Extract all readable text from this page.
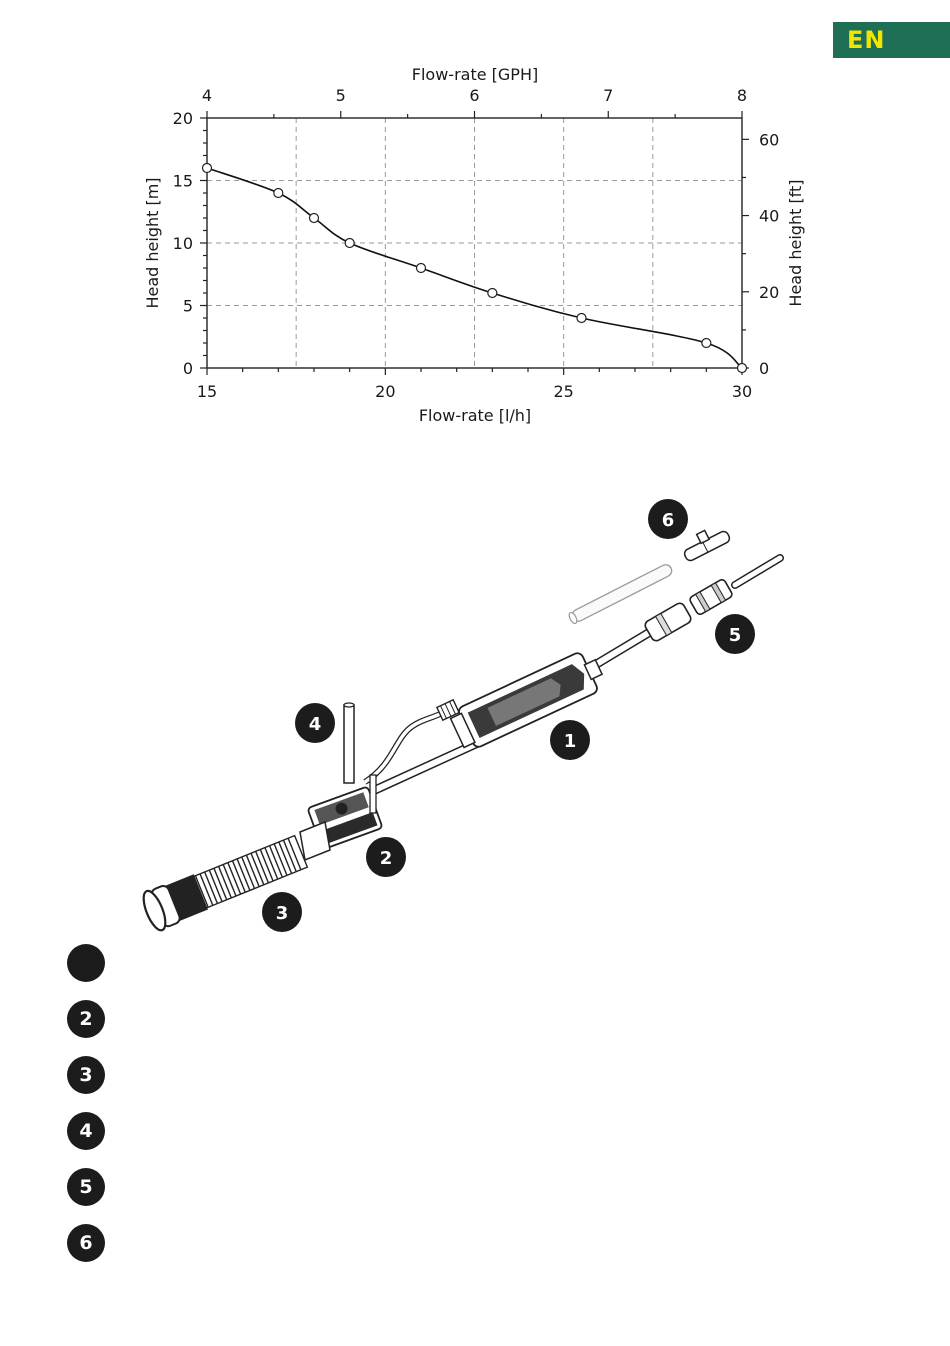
EN
15	20	25	30
0
5
10
15
20
4	5	6	7	8
0
20
40
60
Flow-rate [GPH]
Flow-rate [l/h]
Head height [m]	Head height [ft]
1
2
3
4
5
6
2
3
4
5
6
